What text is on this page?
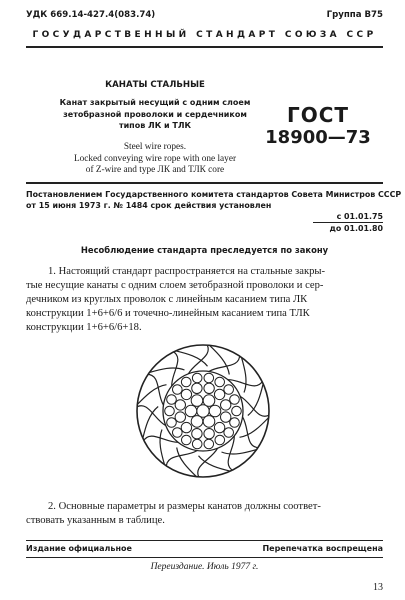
УДК 669.14-427.4(083.74)	Группа В75
ГОСУДАРСТВЕННЫЙ СТАНДАРТ СОЮЗА ССР
КАНАТЫ СТАЛЬНЫЕ
Канат закрытый несущий с одним слоем
зетобразной проволоки и сердечником
типов ЛК и ТЛК
Steel wire ropes.
Locked conveying wire rope with one layer
of Z-wire and type ЛК and ТЛК core
ГОСТ
18900—73
Постановлением Государственного комитета стандартов Совета Министров СССР
от 15 июня 1973 г. № 1484 срок действия установлен
с 01.01.75
до 01.01.80
Несоблюдение стандарта преследуется по закону
1. Настоящий стандарт распространяется на стальные закры-
тые несущие канаты с одним слоем зетобразной проволоки и сер-
дечником из круглых проволок с линейным касанием типа ЛК
конструкции 1+6+6/6 и точечно-линейным касанием типа ТЛК
конструкции 1+6+6/6+18.
2. Основные параметры и размеры канатов должны соответ-
ствовать указанным в таблице.
Издание официальное	Перепечатка воспрещена
Переиздание. Июль 1977 г.
13
